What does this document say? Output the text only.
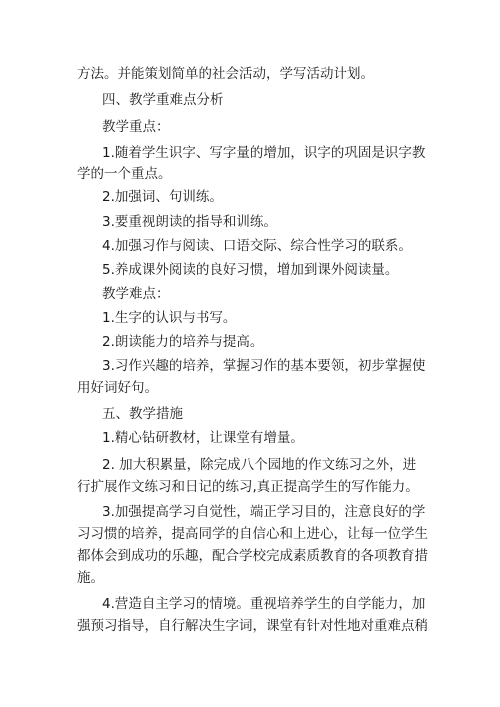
方法。并能策划简单的社会活动，学写活动计划。
四、教学重难点分析
教学重点：
1.随着学生识字、写字量的增加，识字的巩固是识字教
学的一个重点。
2.加强词、句训练。
3.要重视朗读的指导和训练。
4.加强习作与阅读、口语交际、综合性学习的联系。
5.养成课外阅读的良好习惯，增加到课外阅读量。
教学难点：
1.生字的认识与书写。
2.朗读能力的培养与提高。
3.习作兴趣的培养，掌握习作的基本要领，初步掌握使
用好词好句。
五、教学措施
1.精心钻研教材，让课堂有增量。
2. 加大积累量，除完成八个园地的作文练习之外，进
行扩展作文练习和日记的练习,真正提高学生的写作能力。
3.加强提高学习自觉性，端正学习目的，注意良好的学
习习惯的培养，提高同学的自信心和上进心，让每一位学生
都体会到成功的乐趣，配合学校完成素质教育的各项教育措
施。
4.营造自主学习的情境。重视培养学生的自学能力，加
强预习指导，自行解决生字词，课堂有针对性地对重难点稍
